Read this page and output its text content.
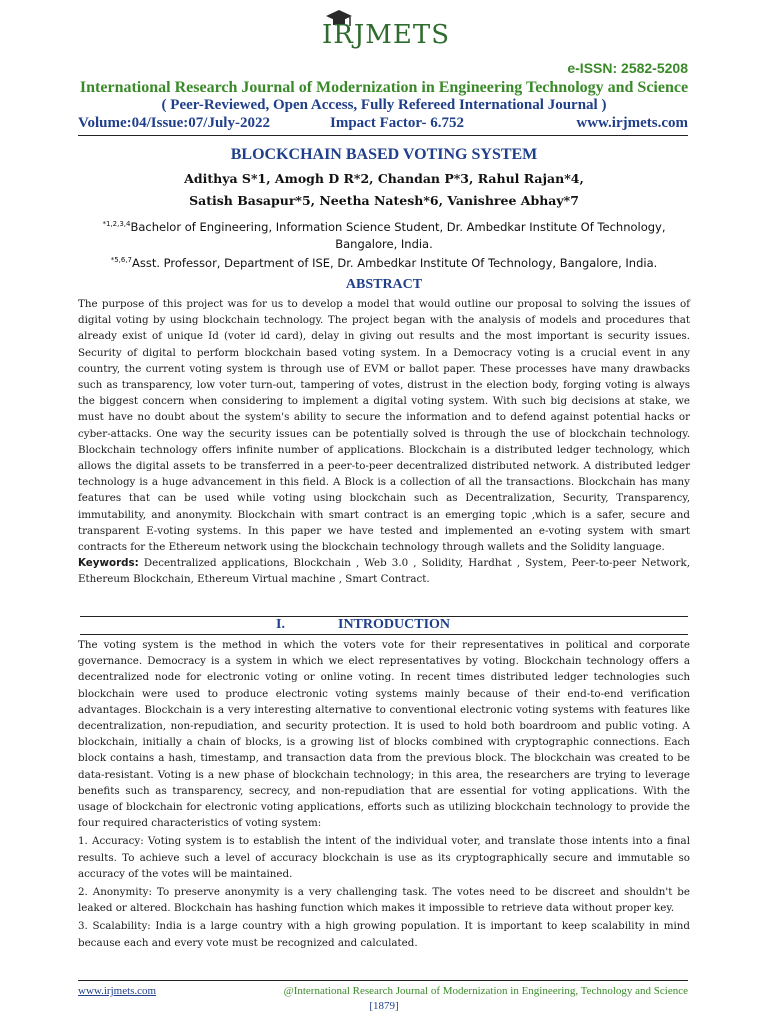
IRJMETS
e-ISSN: 2582-5208
International Research Journal of Modernization in Engineering Technology and Science
( Peer-Reviewed, Open Access, Fully Refereed International Journal )
Volume:04/Issue:07/July-2022	Impact Factor- 6.752	www.irjmets.com
BLOCKCHAIN BASED VOTING SYSTEM
Adithya S*1, Amogh D R*2, Chandan P*3, Rahul Rajan*4,
Satish Basapur*5, Neetha Natesh*6, Vanishree Abhay*7
$^{*1,2,3,4}$Bachelor of Engineering, Information Science Student, Dr. Ambedkar Institute Of Technology, Bangalore, India.
$^{*5,6,7}$Asst. Professor, Department of ISE, Dr. Ambedkar Institute Of Technology, Bangalore, India.
ABSTRACT

The purpose of this project was for us to develop a model that would outline our proposal to solving the issues of digital voting by using blockchain technology. The project began with the analysis of models and procedures that already exist of unique Id (voter id card), delay in giving out results and the most important is security issues. Security of digital to perform blockchain based voting system. In a Democracy voting is a crucial event in any country, the current voting system is through use of EVM or ballot paper. These processes have many drawbacks such as transparency, low voter turn-out, tampering of votes, distrust in the election body, forging voting is always the biggest concern when considering to implement a digital voting system. With such big decisions at stake, we must have no doubt about the system's ability to secure the information and to defend against potential hacks or cyber-attacks. One way the security issues can be potentially solved is through the use of blockchain technology. Blockchain technology offers infinite number of applications. Blockchain is a distributed ledger technology, which allows the digital assets to be transferred in a peer-to-peer decentralized distributed network. A distributed ledger technology is a huge advancement in this field. A Block is a collection of all the transactions. Blockchain has many features that can be used while voting using blockchain such as Decentralization, Security, Transparency, immutability, and anonymity. Blockchain with smart contract is an emerging topic ,which is a safer, secure and transparent E-voting systems. In this paper we have tested and implemented an e-voting system with smart contracts for the Ethereum network using the blockchain technology through wallets and the Solidity language.

Keywords: Decentralized applications, Blockchain , Web 3.0 , Solidity, Hardhat , System, Peer-to-peer Network, Ethereum Blockchain, Ethereum Virtual machine , Smart Contract.

I.	INTRODUCTION

The voting system is the method in which the voters vote for their representatives in political and corporate governance. Democracy is a system in which we elect representatives by voting. Blockchain technology offers a decentralized node for electronic voting or online voting. In recent times distributed ledger technologies such blockchain were used to produce electronic voting systems mainly because of their end-to-end verification advantages. Blockchain is a very interesting alternative to conventional electronic voting systems with features like decentralization, non-repudiation, and security protection. It is used to hold both boardroom and public voting. A blockchain, initially a chain of blocks, is a growing list of blocks combined with cryptographic connections. Each block contains a hash, timestamp, and transaction data from the previous block. The blockchain was created to be data-resistant. Voting is a new phase of blockchain technology; in this area, the researchers are trying to leverage benefits such as transparency, secrecy, and non-repudiation that are essential for voting applications. With the usage of blockchain for electronic voting applications, efforts such as utilizing blockchain technology to provide the four required characteristics of voting system:

1. Accuracy: Voting system is to establish the intent of the individual voter, and translate those intents into a final results. To achieve such a level of accuracy blockchain is use as its cryptographically secure and immutable so accuracy of the votes will be maintained.

2. Anonymity: To preserve anonymity is a very challenging task. The votes need to be discreet and shouldn't be leaked or altered. Blockchain has hashing function which makes it impossible to retrieve data without proper key.

3. Scalability: India is a large country with a high growing population. It is important to keep scalability in mind because each and every vote must be recognized and calculated.

www.irjmets.com	@International Research Journal of Modernization in Engineering, Technology and Science
[1879]
